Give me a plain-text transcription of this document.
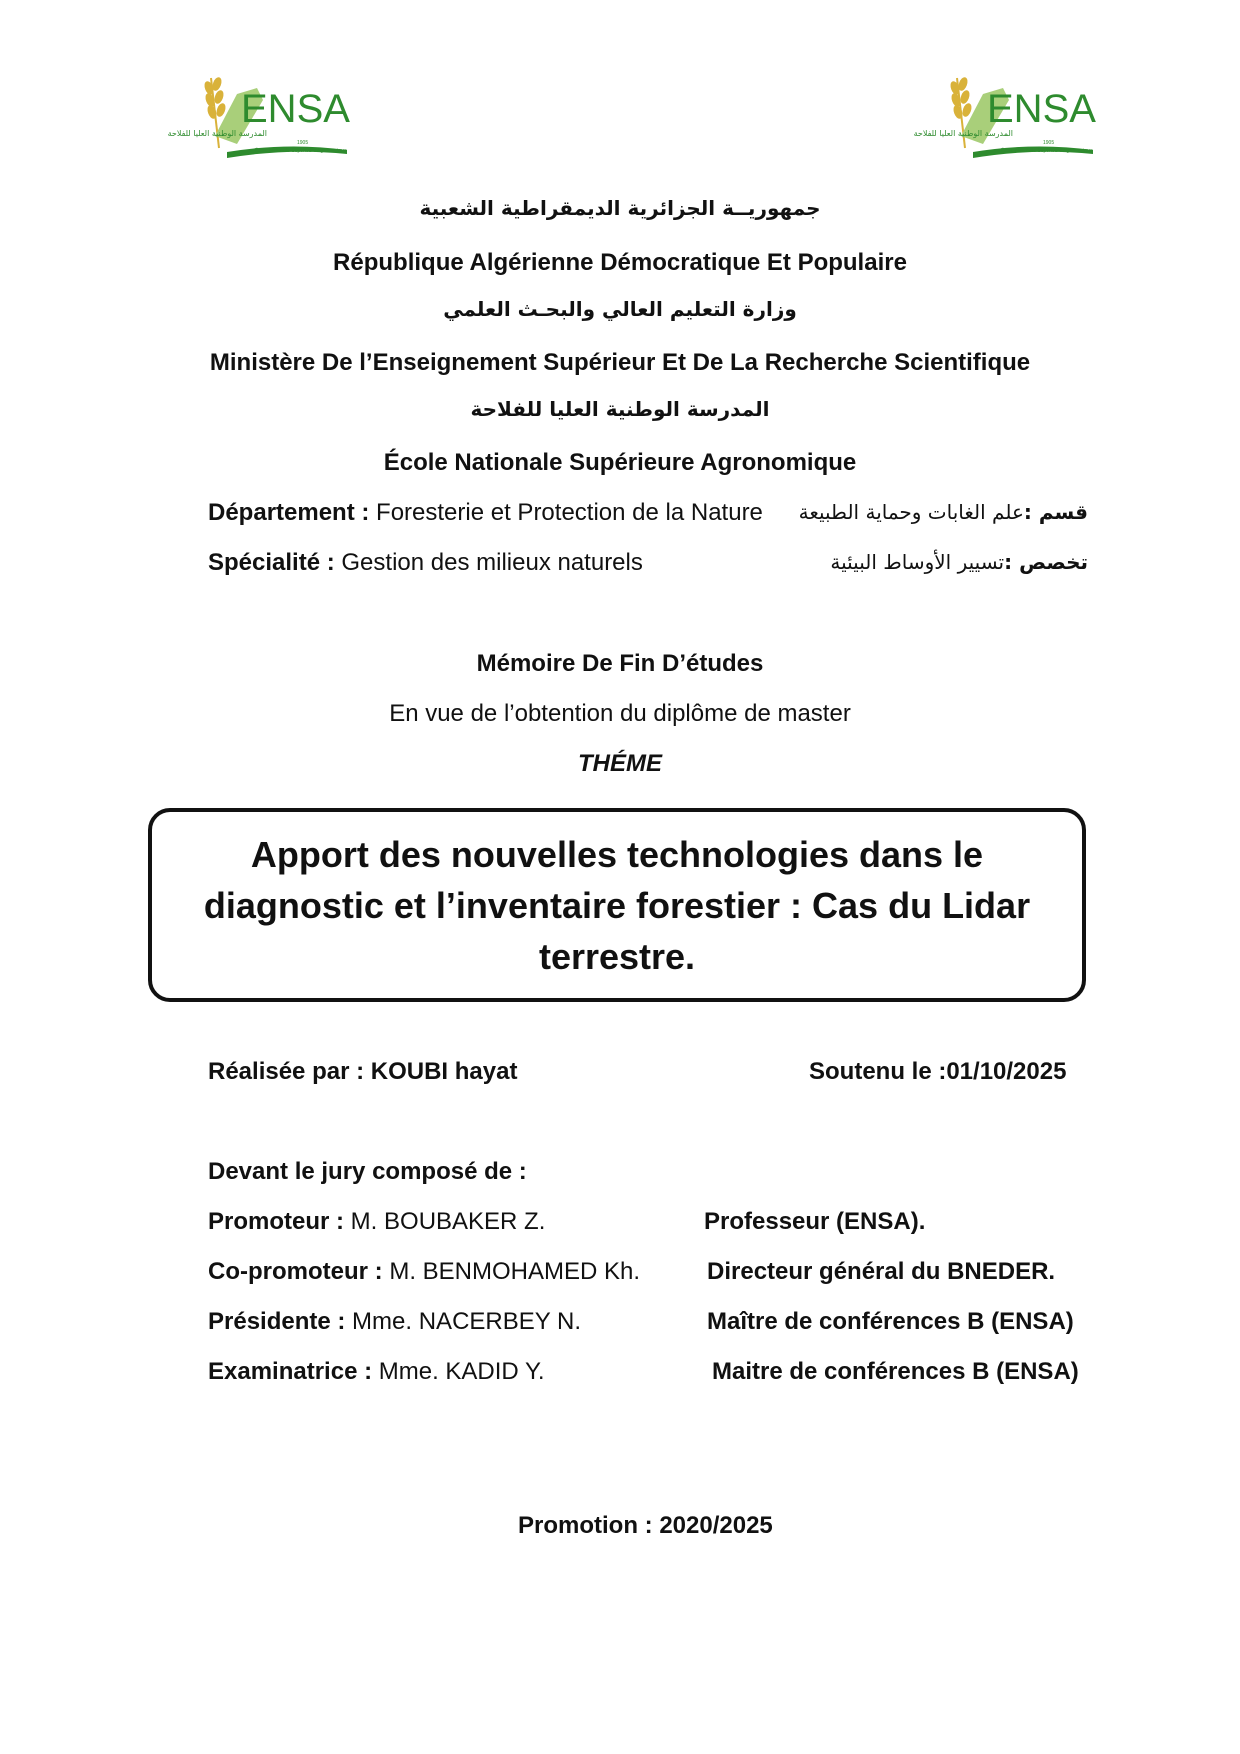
ENSA
المدرسة الوطنية العليا للفلاحة
1905
École Nationale Supérieure Agronomique
ENSA
المدرسة الوطنية العليا للفلاحة
1905
École Nationale Supérieure Agronomique
جمهوريــة الجزائرية الديمقراطية الشعبية
République Algérienne Démocratique Et Populaire
وزارة التعليم العالي والبحـث العلمي
Ministère De l’Enseignement Supérieur Et De La Recherche Scientifique
المدرسة الوطنية العليا للفلاحة
École Nationale Supérieure Agronomique
Département : Foresterie et Protection de la Nature	قسم :علم الغابات وحماية الطبيعة
Spécialité : Gestion des milieux naturels	تخصص :تسيير الأوساط البيئية
Mémoire De Fin D’études
En vue de l’obtention du diplôme de master
THÉME
Apport des nouvelles technologies dans le diagnostic et l’inventaire forestier : Cas du Lidar terrestre.
Réalisée par : KOUBI hayat	Soutenu le :01/10/2025
Devant le jury composé de :
Promoteur : M. BOUBAKER Z.	Professeur (ENSA).
Co-promoteur : M. BENMOHAMED Kh.	Directeur général du BNEDER.
Présidente : Mme. NACERBEY N.	Maître de conférences B (ENSA)
Examinatrice : Mme. KADID Y.	Maitre de conférences B (ENSA)
Promotion : 2020/2025
